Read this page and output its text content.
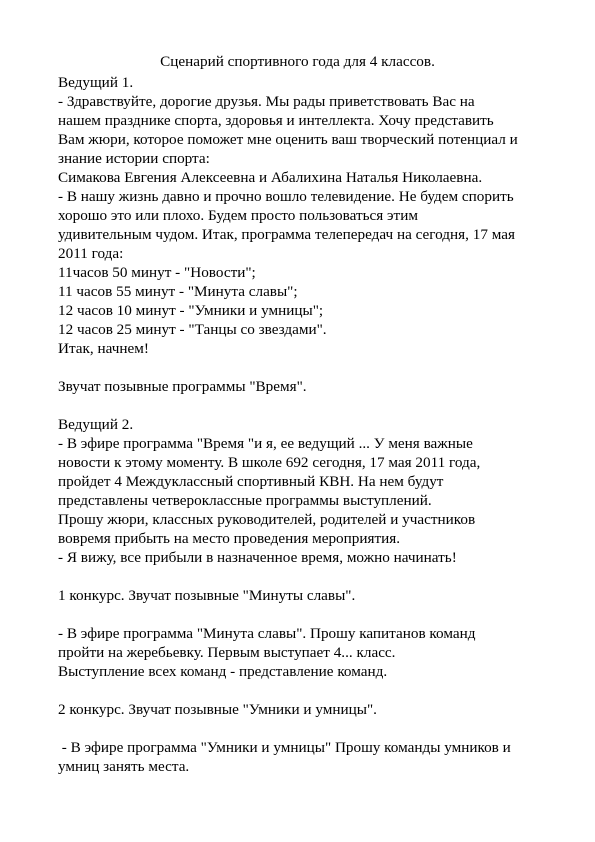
Сценарий спортивного года для 4 классов.
Ведущий 1.
- Здравствуйте, дорогие друзья. Мы рады приветствовать Вас на
нашем празднике спорта, здоровья и интеллекта. Хочу представить
Вам жюри, которое поможет мне оценить ваш творческий потенциал и
знание истории спорта:
Симакова Евгения Алексеевна и Абалихина Наталья Николаевна.
- В нашу жизнь давно и прочно вошло телевидение. Не будем спорить
хорошо это или плохо. Будем просто пользоваться этим
удивительным чудом. Итак, программа телепередач на сегодня, 17 мая
2011 года:
11часов 50 минут - "Новости";
11 часов 55 минут - "Минута славы";
12 часов 10 минут - "Умники и умницы";
12 часов 25 минут - "Танцы со звездами".
Итак, начнем!
Звучат позывные программы "Время".
Ведущий 2.
- В эфире программа "Время "и я, ее ведущий ... У меня важные
новости к этому моменту. В школе 692 сегодня, 17 мая 2011 года,
пройдет 4 Междуклассный спортивный КВН. На нем будут
представлены четвероклассные программы выступлений.
Прошу жюри, классных руководителей, родителей и участников
вовремя прибыть на место проведения мероприятия.
- Я вижу, все прибыли в назначенное время, можно начинать!
1 конкурс. Звучат позывные "Минуты славы".
- В эфире программа "Минута славы". Прошу капитанов команд
пройти на жеребьевку. Первым выступает 4... класс.
Выступление всех команд - представление команд.
2 конкурс. Звучат позывные "Умники и умницы".
- В эфире программа "Умники и умницы" Прошу команды умников и
умниц занять места.
